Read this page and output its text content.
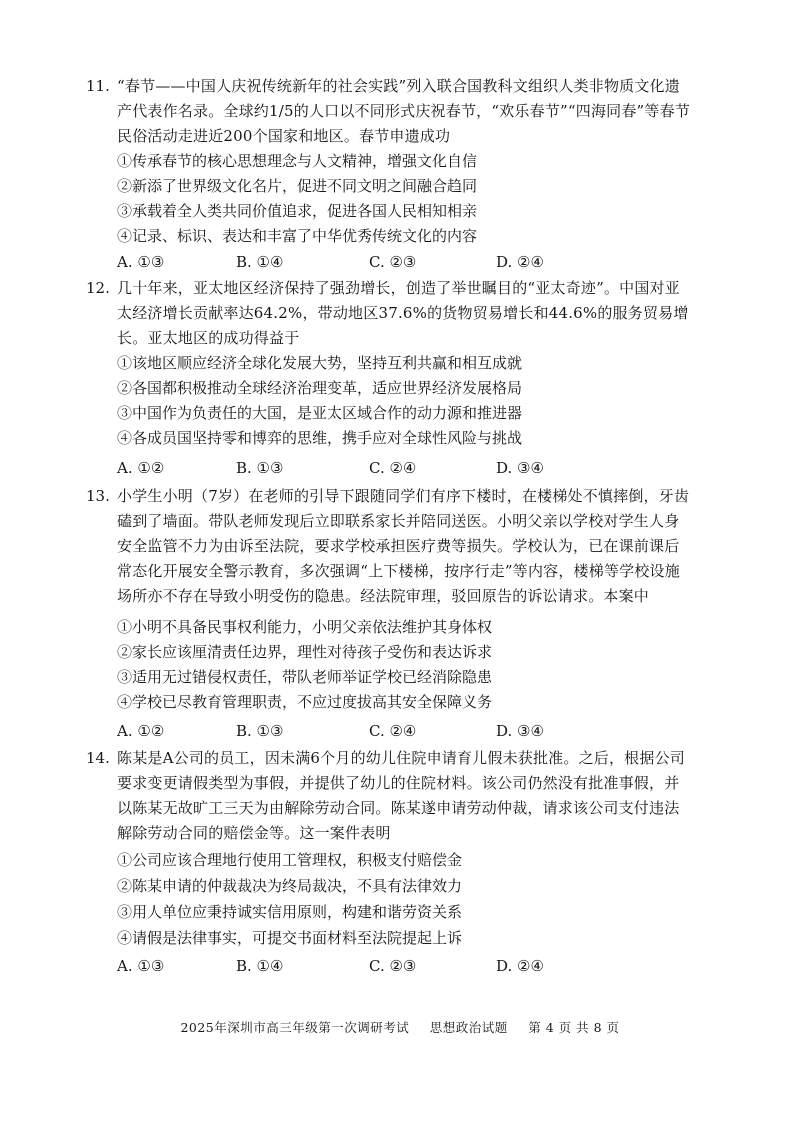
11. “春节——中国人庆祝传统新年的社会实践”列入联合国教科文组织人类非物质文化遗产代表作名录。全球约1/5的人口以不同形式庆祝春节，“欢乐春节”“四海同春”等春节民俗活动走进近200个国家和地区。春节申遗成功
①传承春节的核心思想理念与人文精神，增强文化自信
②新添了世界级文化名片，促进不同文明之间融合趋同
③承载着全人类共同价值追求，促进各国人民相知相亲
④记录、标识、表达和丰富了中华优秀传统文化的内容
A. ①③	B. ①④	C. ②③	D. ②④
12. 几十年来，亚太地区经济保持了强劲增长，创造了举世瞩目的“亚太奇迹”。中国对亚太经济增长贡献率达64.2%，带动地区37.6%的货物贸易增长和44.6%的服务贸易增长。亚太地区的成功得益于
①该地区顺应经济全球化发展大势，坚持互利共赢和相互成就
②各国都积极推动全球经济治理变革，适应世界经济发展格局
③中国作为负责任的大国，是亚太区域合作的动力源和推进器
④各成员国坚持零和博弈的思维，携手应对全球性风险与挑战
A. ①②	B. ①③	C. ②④	D. ③④
13. 小学生小明（7岁）在老师的引导下跟随同学们有序下楼时，在楼梯处不慎摔倒，牙齿磕到了墙面。带队老师发现后立即联系家长并陪同送医。小明父亲以学校对学生人身安全监管不力为由诉至法院，要求学校承担医疗费等损失。学校认为，已在课前课后常态化开展安全警示教育，多次强调“上下楼梯，按序行走”等内容，楼梯等学校设施场所亦不存在导致小明受伤的隐患。经法院审理，驳回原告的诉讼请求。本案中
①小明不具备民事权利能力，小明父亲依法维护其身体权
②家长应该厘清责任边界，理性对待孩子受伤和表达诉求
③适用无过错侵权责任，带队老师举证学校已经消除隐患
④学校已尽教育管理职责，不应过度拔高其安全保障义务
A. ①②	B. ①③	C. ②④	D. ③④
14. 陈某是A公司的员工，因未满6个月的幼儿住院申请育儿假未获批准。之后，根据公司要求变更请假类型为事假，并提供了幼儿的住院材料。该公司仍然没有批准事假，并以陈某无故旷工三天为由解除劳动合同。陈某遂申请劳动仲裁，请求该公司支付违法解除劳动合同的赔偿金等。这一案件表明
①公司应该合理地行使用工管理权，积极支付赔偿金
②陈某申请的仲裁裁决为终局裁决，不具有法律效力
③用人单位应秉持诚实信用原则，构建和谐劳资关系
④请假是法律事实，可提交书面材料至法院提起上诉
A. ①③	B. ①④	C. ②③	D. ②④
2025年深圳市高三年级第一次调研考试 思想政治试题 第 4 页 共 8 页
